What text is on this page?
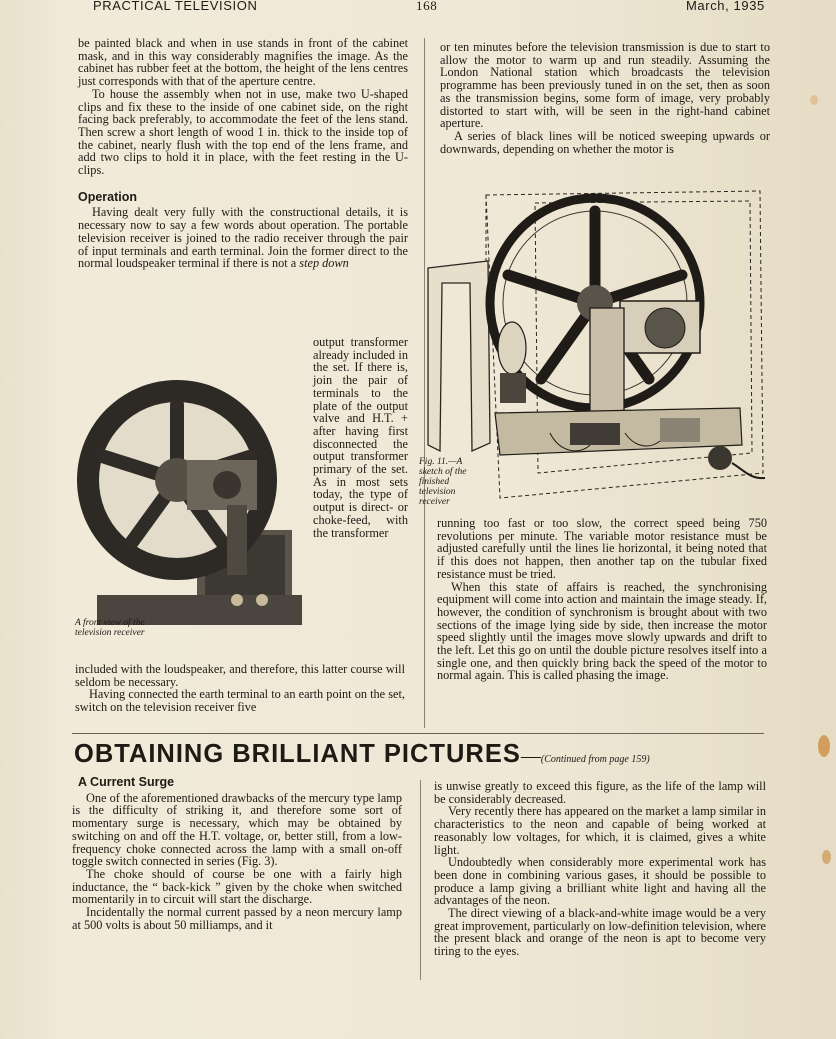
PRACTICAL TELEVISION	168	March, 1935

be painted black and when in use stands in front of the cabinet mask, and in this way considerably magnifies the image. As the cabinet has rubber feet at the bottom, the height of the lens centres just corresponds with that of the aperture centre.

To house the assembly when not in use, make two U-shaped clips and fix these to the inside of one cabinet side, on the right facing back preferably, to accommodate the feet of the lens stand. Then screw a short length of wood 1 in. thick to the inside top of the cabinet, nearly flush with the top end of the lens frame, and add two clips to hold it in place, with the feet resting in the U-clips.

Operation

Having dealt very fully with the constructional details, it is necessary now to say a few words about operation. The portable television receiver is joined to the radio receiver through the pair of input terminals and earth terminal. Join the former direct to the normal loudspeaker terminal if there is not a step down

output transformer already included in the set. If there is, join the pair of terminals to the plate of the output valve and H.T. + after having first disconnected the output transformer primary of the set. As in most sets today, the type of output is direct- or choke-feed, with the transformer

A front view of the television receiver

included with the loudspeaker, and therefore, this latter course will seldom be necessary.

Having connected the earth terminal to an earth point on the set, switch on the television receiver five

or ten minutes before the television transmission is due to start to allow the motor to warm up and run steadily. Assuming the London National station which broadcasts the television programme has been previously tuned in on the set, then as soon as the transmission begins, some form of image, very probably distorted to start with, will be seen in the right-hand cabinet aperture.

A series of black lines will be noticed sweeping upwards or downwards, depending on whether the motor is

Fig. 11.—A sketch of the finished television receiver

running too fast or too slow, the correct speed being 750 revolutions per minute. The variable motor resistance must be adjusted carefully until the lines lie horizontal, it being noted that if this does not happen, then another tap on the tubular fixed resistance must be tried.

When this state of affairs is reached, the synchronising equipment will come into action and maintain the image steady. If, however, the condition of synchronism is brought about with two sections of the image lying side by side, then increase the motor speed slightly until the images move slowly upwards and drift to the left. Let this go on until the double picture resolves itself into a single one, and then quickly bring back the speed of the motor to normal again. This is called phasing the image.

OBTAINING BRILLIANT PICTURES—(Continued from page 159)
A Current Surge

One of the aforementioned drawbacks of the mercury type lamp is the difficulty of striking it, and therefore some sort of momentary surge is necessary, which may be obtained by switching on and off the H.T. voltage, or, better still, from a low-frequency choke connected across the lamp with a small on-off toggle switch connected in series (Fig. 3).

The choke should of course be one with a fairly high inductance, the “ back-kick ” given by the choke when switched momentarily in to circuit will start the discharge.

Incidentally the normal current passed by a neon mercury lamp at 500 volts is about 50 milliamps, and it

is unwise greatly to exceed this figure, as the life of the lamp will be considerably decreased.

Very recently there has appeared on the market a lamp similar in characteristics to the neon and capable of being worked at reasonably low voltages, for which, it is claimed, gives a white light.

Undoubtedly when considerably more experimental work has been done in combining various gases, it should be possible to produce a lamp giving a brilliant white light and having all the advantages of the neon.

The direct viewing of a black-and-white image would be a very great improvement, particularly on low-definition television, where the present black and orange of the neon is apt to become very tiring to the eyes.
